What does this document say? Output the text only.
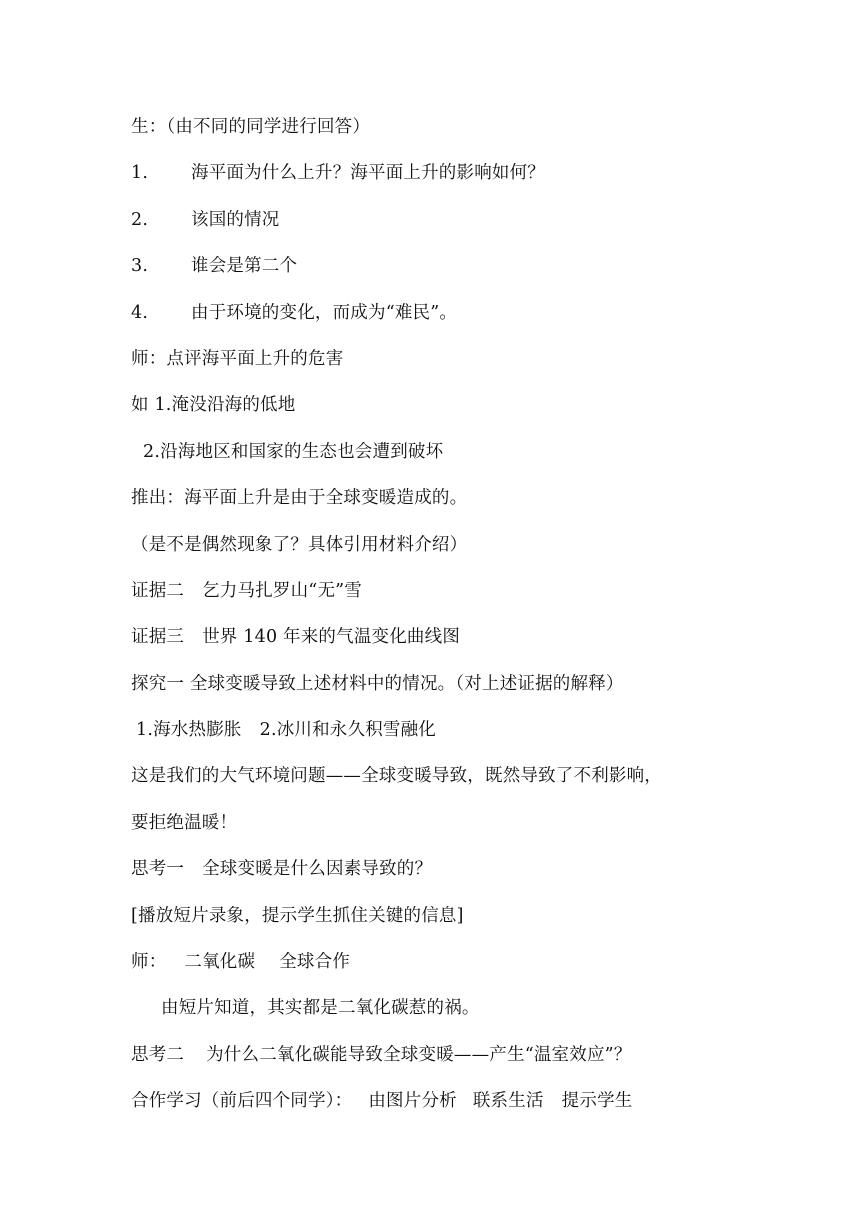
生：（由不同的同学进行回答）
1. 海平面为什么上升？海平面上升的影响如何？
2. 该国的情况
3. 谁会是第二个
4. 由于环境的变化，而成为“难民”。
师：点评海平面上升的危害
如 1.淹没沿海的低地
2.沿海地区和国家的生态也会遭到破坏
推出：海平面上升是由于全球变暖造成的。
（是不是偶然现象了？具体引用材料介绍）
证据二 乞力马扎罗山“无”雪
证据三 世界 140 年来的气温变化曲线图
探究一 全球变暖导致上述材料中的情况。（对上述证据的解释）
1.海水热膨胀 2.冰川和永久积雪融化
这是我们的大气环境问题——全球变暖导致，既然导致了不利影响，
要拒绝温暖！
思考一 全球变暖是什么因素导致的？
[播放短片录象，提示学生抓住关键的信息]
师： 二氧化碳 全球合作
由短片知道，其实都是二氧化碳惹的祸。
思考二 为什么二氧化碳能导致全球变暖——产生“温室效应”？
合作学习（前后四个同学）： 由图片分析 联系生活 提示学生
